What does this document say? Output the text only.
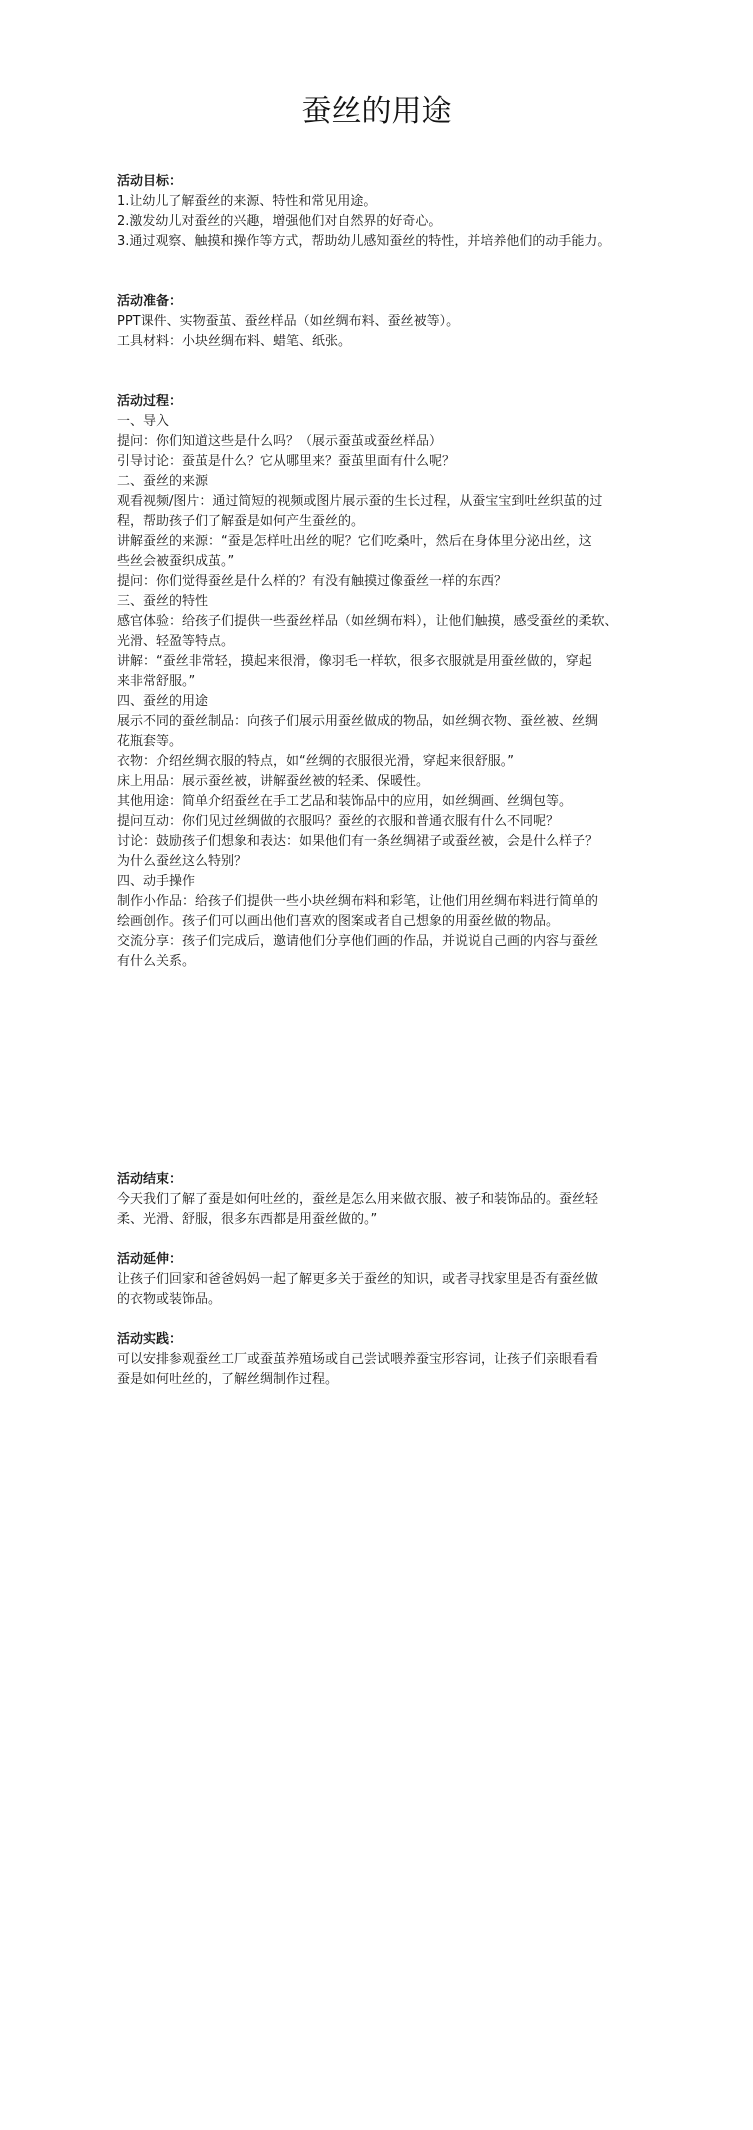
蚕丝的用途
活动目标：
1.让幼儿了解蚕丝的来源、特性和常见用途。
2.激发幼儿对蚕丝的兴趣，增强他们对自然界的好奇心。
3.通过观察、触摸和操作等方式，帮助幼儿感知蚕丝的特性，并培养他们的动手能力。
活动准备：
PPT课件、实物蚕茧、蚕丝样品（如丝绸布料、蚕丝被等）。
工具材料：小块丝绸布料、蜡笔、纸张。
活动过程：
一、导入
提问：你们知道这些是什么吗？（展示蚕茧或蚕丝样品）
引导讨论：蚕茧是什么？它从哪里来？蚕茧里面有什么呢？
二、蚕丝的来源
观看视频/图片：通过简短的视频或图片展示蚕的生长过程，从蚕宝宝到吐丝织茧的过
程，帮助孩子们了解蚕是如何产生蚕丝的。
讲解蚕丝的来源：“蚕是怎样吐出丝的呢？它们吃桑叶，然后在身体里分泌出丝，这
些丝会被蚕织成茧。”
提问：你们觉得蚕丝是什么样的？有没有触摸过像蚕丝一样的东西？
三、蚕丝的特性
感官体验：给孩子们提供一些蚕丝样品（如丝绸布料），让他们触摸，感受蚕丝的柔软、
光滑、轻盈等特点。
讲解：“蚕丝非常轻，摸起来很滑，像羽毛一样软，很多衣服就是用蚕丝做的，穿起
来非常舒服。”
四、蚕丝的用途
展示不同的蚕丝制品：向孩子们展示用蚕丝做成的物品，如丝绸衣物、蚕丝被、丝绸
花瓶套等。
衣物：介绍丝绸衣服的特点，如“丝绸的衣服很光滑，穿起来很舒服。”
床上用品：展示蚕丝被，讲解蚕丝被的轻柔、保暖性。
其他用途：简单介绍蚕丝在手工艺品和装饰品中的应用，如丝绸画、丝绸包等。
提问互动：你们见过丝绸做的衣服吗？蚕丝的衣服和普通衣服有什么不同呢？
讨论：鼓励孩子们想象和表达：如果他们有一条丝绸裙子或蚕丝被，会是什么样子？
为什么蚕丝这么特别？
四、动手操作
制作小作品：给孩子们提供一些小块丝绸布料和彩笔，让他们用丝绸布料进行简单的
绘画创作。孩子们可以画出他们喜欢的图案或者自己想象的用蚕丝做的物品。
交流分享：孩子们完成后，邀请他们分享他们画的作品，并说说自己画的内容与蚕丝
有什么关系。
活动结束：
今天我们了解了蚕是如何吐丝的，蚕丝是怎么用来做衣服、被子和装饰品的。蚕丝轻
柔、光滑、舒服，很多东西都是用蚕丝做的。”
活动延伸：
让孩子们回家和爸爸妈妈一起了解更多关于蚕丝的知识，或者寻找家里是否有蚕丝做
的衣物或装饰品。
活动实践：
可以安排参观蚕丝工厂或蚕茧养殖场或自己尝试喂养蚕宝形容词，让孩子们亲眼看看
蚕是如何吐丝的，了解丝绸制作过程。
